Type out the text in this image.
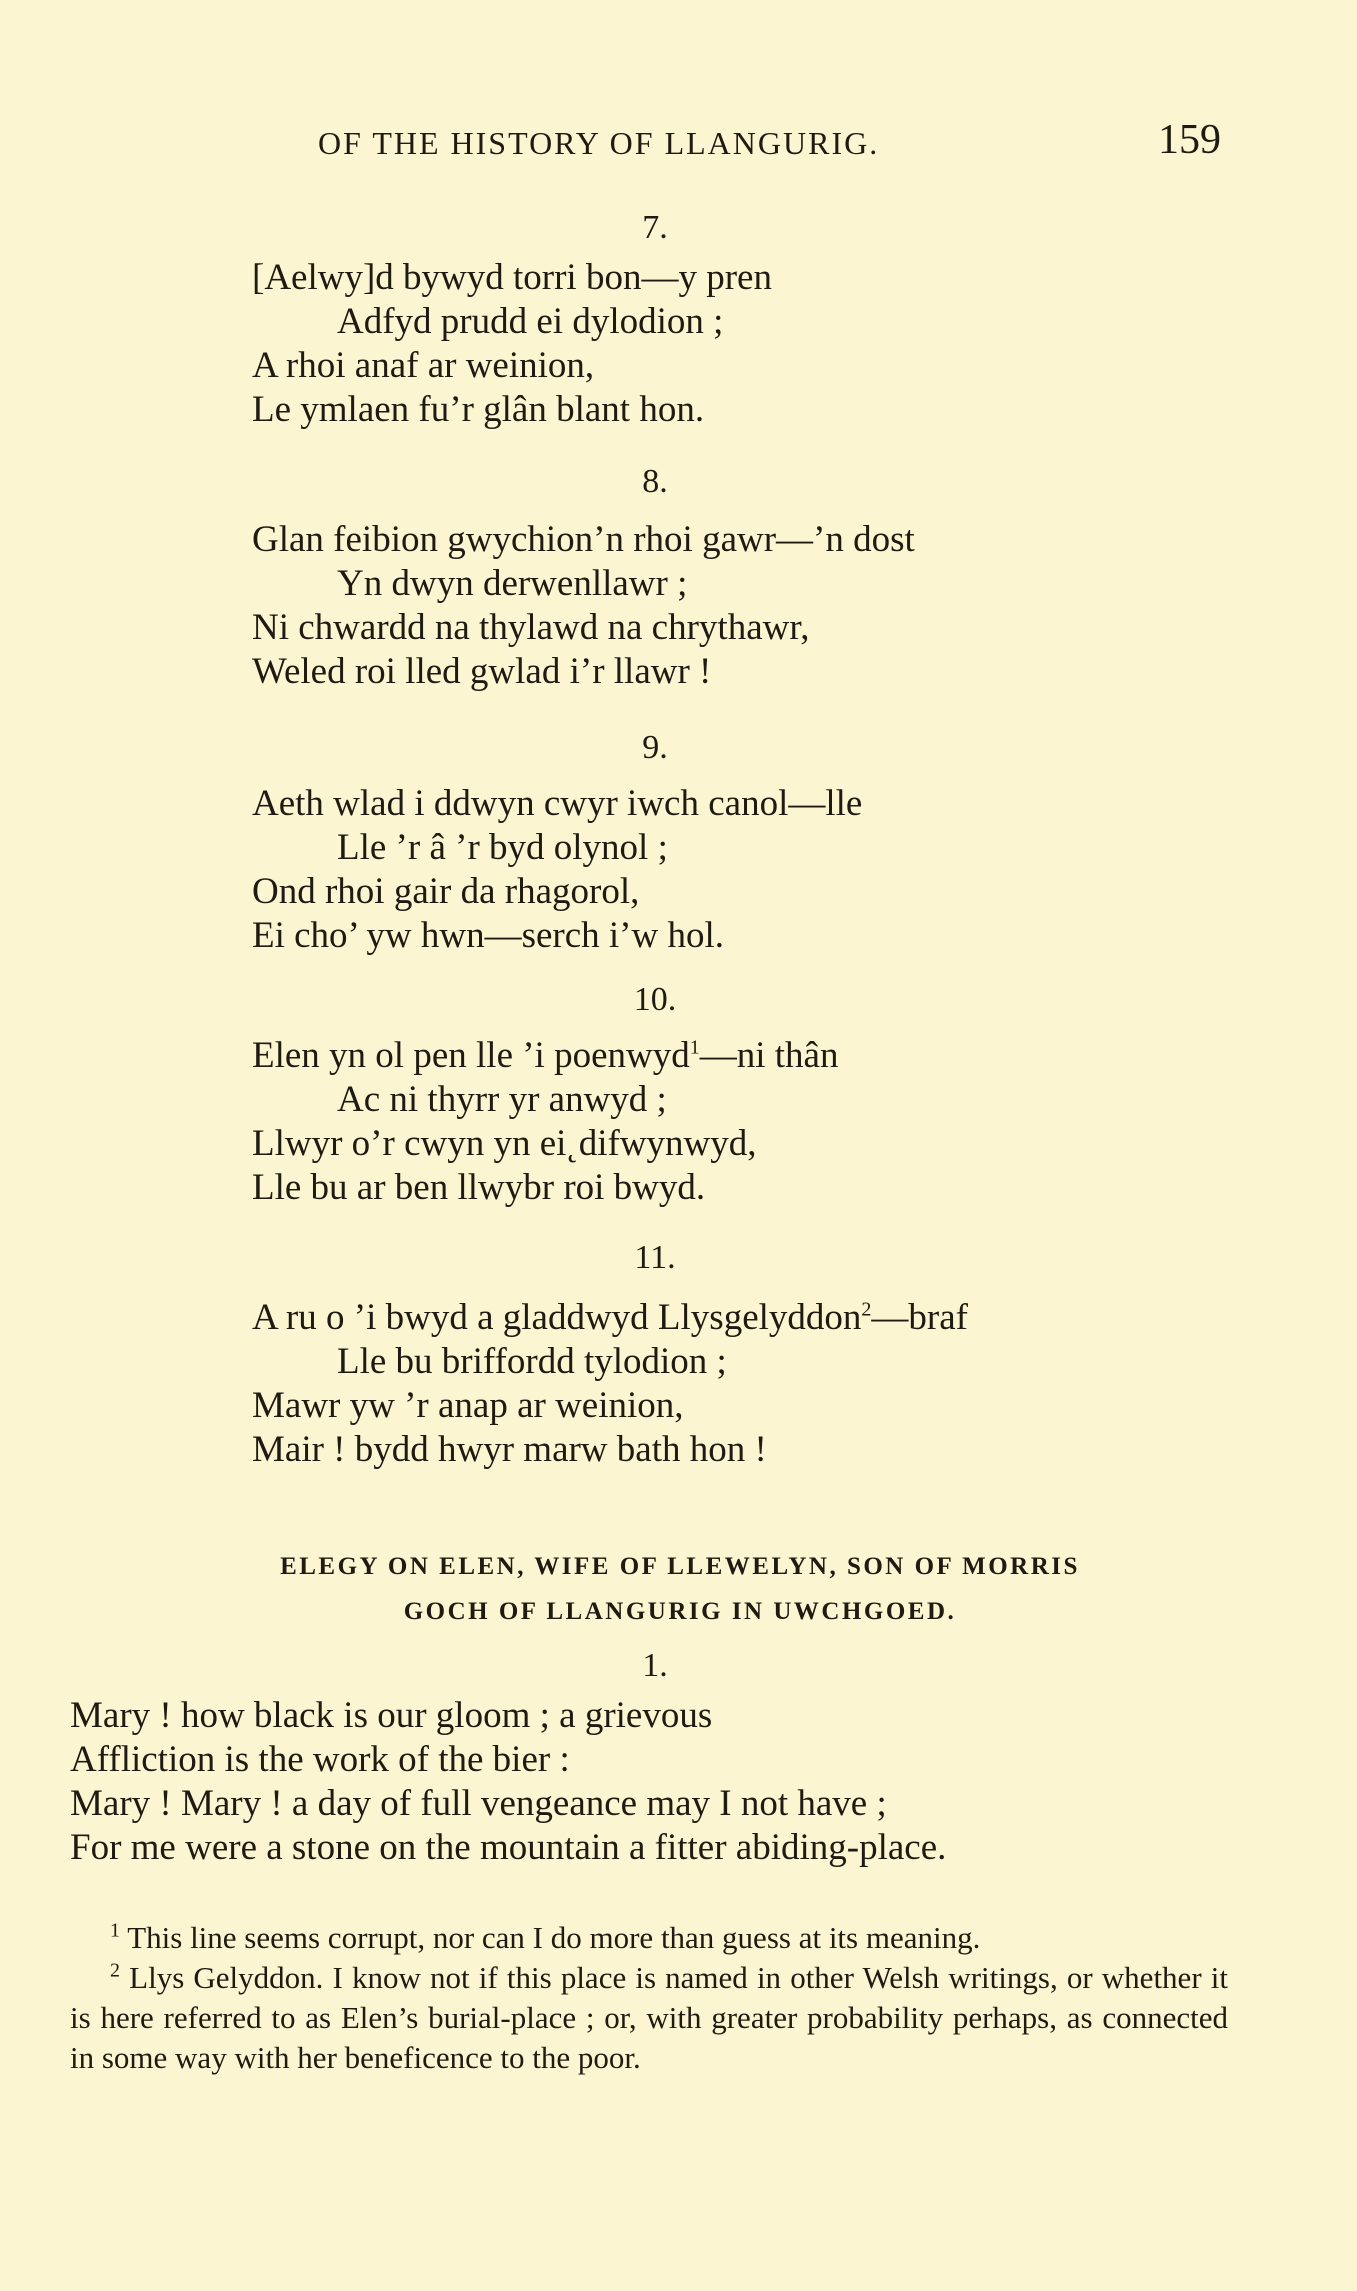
OF THE HISTORY OF LLANGURIG.	159
7.
[Aelwy]d bywyd torri bon—y pren
Adfyd prudd ei dylodion ;
A rhoi anaf ar weinion,
Le ymlaen fu’r glân blant hon.
8.
Glan feibion gwychion’n rhoi gawr—’n dost
Yn dwyn derwenllawr ;
Ni chwardd na thylawd na chrythawr,
Weled roi lled gwlad i’r llawr !
9.
Aeth wlad i ddwyn cwyr iwch canol—lle
Lle ’r â ’r byd olynol ;
Ond rhoi gair da rhagorol,
Ei cho’ yw hwn—serch i’w hol.
10.
Elen yn ol pen lle ’i poenwyd$^1$—ni thân
Ac ni thyrr yr anwyd ;
Llwyr o’r cwyn yn ei˛difwynwyd,
Lle bu ar ben llwybr roi bwyd.
11.
A ru o ’i bwyd a gladdwyd Llysgelyddon$^2$—braf
Lle bu briffordd tylodion ;
Mawr yw ’r anap ar weinion,
Mair ! bydd hwyr marw bath hon !
ELEGY ON ELEN, WIFE OF LLEWELYN, SON OF MORRIS
GOCH OF LLANGURIG IN UWCHGOED.
1.
Mary ! how black is our gloom ; a grievous
Affliction is the work of the bier :
Mary ! Mary ! a day of full vengeance may I not have ;
For me were a stone on the mountain a fitter abiding-place.

$^1$ This line seems corrupt, nor can I do more than guess at its meaning.

$^2$ Llys Gelyddon. I know not if this place is named in other Welsh writings, or whether it is here referred to as Elen’s burial-place ; or, with greater probability perhaps, as connected in some way with her beneficence to the poor.
